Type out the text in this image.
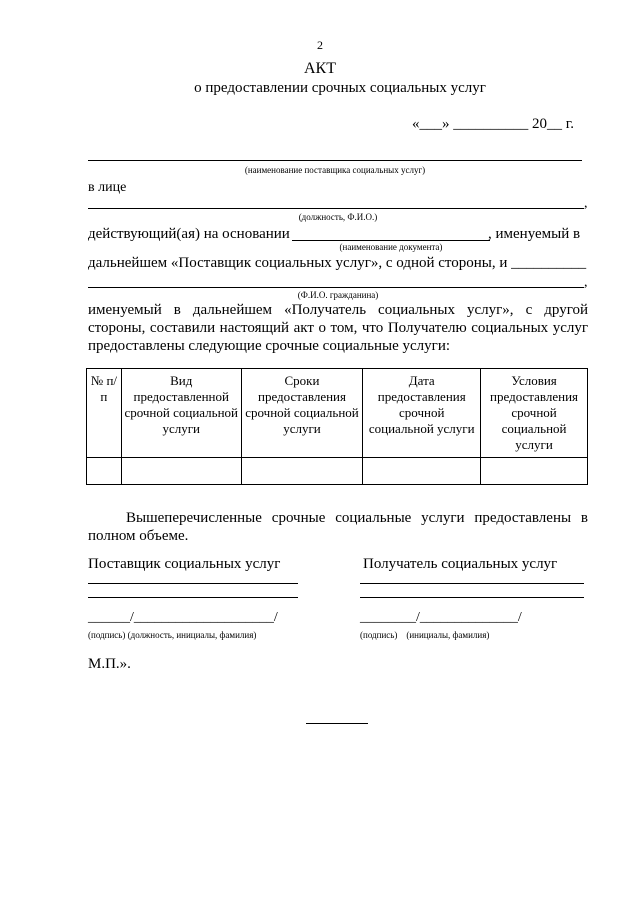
2
АКТ
о предоставлении срочных социальных услуг
«___» __________ 20__ г.
(наименование поставщика социальных услуг)
в лице
,
(должность, Ф.И.О.)
действующий(ая) на основании	, именуемый в
(наименование документа)
дальнейшем «Поставщик социальных услуг», с одной стороны, и __________
,
(Ф.И.О. гражданина)
именуемый в дальнейшем «Получатель социальных услуг», с другой стороны, составили настоящий акт о том, что Получателю социальных услуг предоставлены следующие срочные социальные услуги:
№ п/п	Вид предоставленной срочной социальной услуги	Сроки предоставления срочной социальной услуги	Дата предоставления срочной социальной услуги	Условия предоставления срочной социальной услуги

Вышеперечисленные срочные социальные услуги предоставлены в полном объеме.
Поставщик социальных услуг	Получатель социальных услуг
______/____________________/	________/______________/
(подпись) (должность, инициалы, фамилия)	(подпись)    (инициалы, фамилия)
М.П.».
